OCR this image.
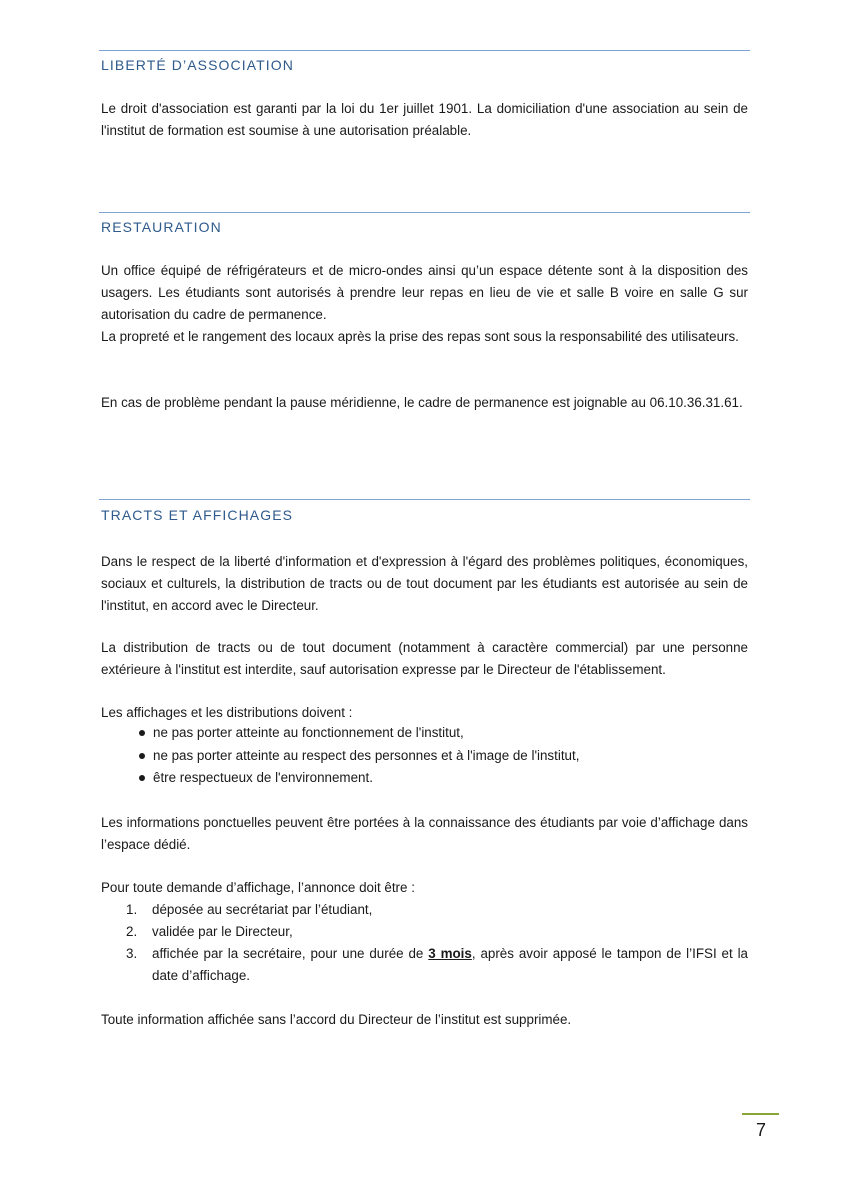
LIBERTÉ D’ASSOCIATION

Le droit d'association est garanti par la loi du 1er juillet 1901. La domiciliation d'une association au sein de l'institut de formation est soumise à une autorisation préalable.

RESTAURATION

Un office équipé de réfrigérateurs et de micro-ondes ainsi qu’un espace détente sont à la disposition des usagers. Les étudiants sont autorisés à prendre leur repas en lieu de vie et salle B voire en salle G sur autorisation du cadre de permanence.

La propreté et le rangement des locaux après la prise des repas sont sous la responsabilité des utilisateurs.

En cas de problème pendant la pause méridienne, le cadre de permanence est joignable au 06.10.36.31.61.

TRACTS ET AFFICHAGES

Dans le respect de la liberté d'information et d'expression à l'égard des problèmes politiques, économiques, sociaux et culturels, la distribution de tracts ou de tout document par les étudiants est autorisée au sein de l'institut, en accord avec le Directeur.

La distribution de tracts ou de tout document (notamment à caractère commercial) par une personne extérieure à l'institut est interdite, sauf autorisation expresse par le Directeur de l'établissement.

Les affichages et les distributions doivent :

ne pas porter atteinte au fonctionnement de l'institut,
ne pas porter atteinte au respect des personnes et à l'image de l'institut,
être respectueux de l'environnement.

Les informations ponctuelles peuvent être portées à la connaissance des étudiants par voie d’affichage dans l’espace dédié.

Pour toute demande d’affichage, l’annonce doit être :

1.	déposée au secrétariat par l’étudiant,
2.	validée par le Directeur,
3.	affichée par la secrétaire, pour une durée de 3 mois, après avoir apposé le tampon de l’IFSI et la date d’affichage.

Toute information affichée sans l’accord du Directeur de l’institut est supprimée.

7
